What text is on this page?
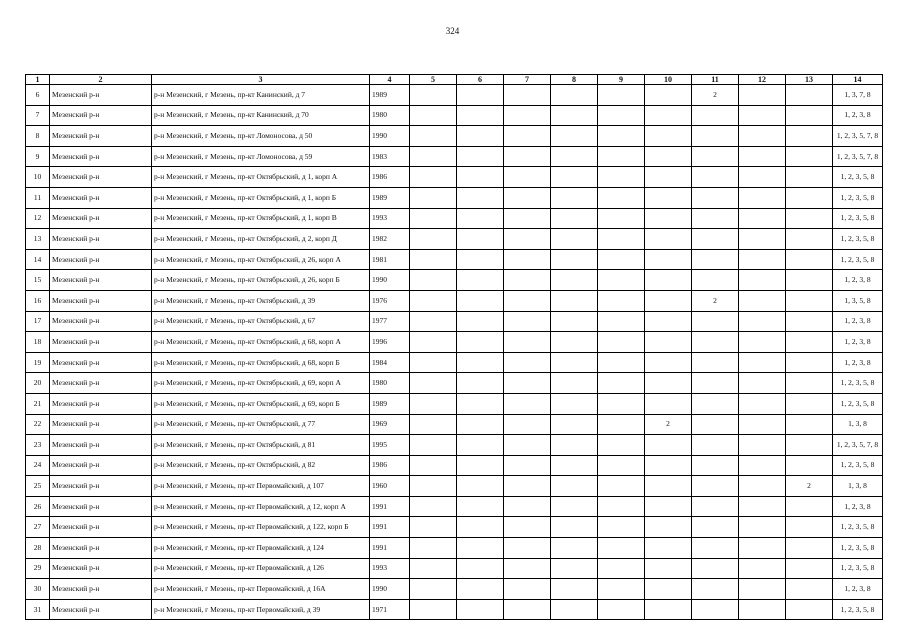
324
1	2	3	4	5	6	7	8	9	10	11	12	13	14
6	Мезенский р-н	р-н Мезенский, г Мезень, пр-кт Канинский, д 7	1989							2			1, 3, 7, 8
7	Мезенский р-н	р-н Мезенский, г Мезень, пр-кт Канинский, д 70	1980										1, 2, 3, 8
8	Мезенский р-н	р-н Мезенский, г Мезень, пр-кт Ломоносова, д 50	1990										1, 2, 3, 5, 7, 8
9	Мезенский р-н	р-н Мезенский, г Мезень, пр-кт Ломоносова, д 59	1983										1, 2, 3, 5, 7, 8
10	Мезенский р-н	р-н Мезенский, г Мезень, пр-кт Октябрьский, д 1, корп А	1986										1, 2, 3, 5, 8
11	Мезенский р-н	р-н Мезенский, г Мезень, пр-кт Октябрьский, д 1, корп Б	1989										1, 2, 3, 5, 8
12	Мезенский р-н	р-н Мезенский, г Мезень, пр-кт Октябрьский, д 1, корп В	1993										1, 2, 3, 5, 8
13	Мезенский р-н	р-н Мезенский, г Мезень, пр-кт Октябрьский, д 2, корп Д	1982										1, 2, 3, 5, 8
14	Мезенский р-н	р-н Мезенский, г Мезень, пр-кт Октябрьский, д 26, корп А	1981										1, 2, 3, 5, 8
15	Мезенский р-н	р-н Мезенский, г Мезень, пр-кт Октябрьский, д 26, корп Б	1990										1, 2, 3, 8
16	Мезенский р-н	р-н Мезенский, г Мезень, пр-кт Октябрьский, д 39	1976							2			1, 3, 5, 8
17	Мезенский р-н	р-н Мезенский, г Мезень, пр-кт Октябрьский, д 67	1977										1, 2, 3, 8
18	Мезенский р-н	р-н Мезенский, г Мезень, пр-кт Октябрьский, д 68, корп А	1996										1, 2, 3, 8
19	Мезенский р-н	р-н Мезенский, г Мезень, пр-кт Октябрьский, д 68, корп Б	1984										1, 2, 3, 8
20	Мезенский р-н	р-н Мезенский, г Мезень, пр-кт Октябрьский, д 69, корп А	1980										1, 2, 3, 5, 8
21	Мезенский р-н	р-н Мезенский, г Мезень, пр-кт Октябрьский, д 69, корп Б	1989										1, 2, 3, 5, 8
22	Мезенский р-н	р-н Мезенский, г Мезень, пр-кт Октябрьский, д 77	1969						2				1, 3, 8
23	Мезенский р-н	р-н Мезенский, г Мезень, пр-кт Октябрьский, д 81	1995										1, 2, 3, 5, 7, 8
24	Мезенский р-н	р-н Мезенский, г Мезень, пр-кт Октябрьский, д 82	1986										1, 2, 3, 5, 8
25	Мезенский р-н	р-н Мезенский, г Мезень, пр-кт Первомайский, д 107	1960									2	1, 3, 8
26	Мезенский р-н	р-н Мезенский, г Мезень, пр-кт Первомайский, д 12, корп А	1991										1, 2, 3, 8
27	Мезенский р-н	р-н Мезенский, г Мезень, пр-кт Первомайский, д 122, корп Б	1991										1, 2, 3, 5, 8
28	Мезенский р-н	р-н Мезенский, г Мезень, пр-кт Первомайский, д 124	1991										1, 2, 3, 5, 8
29	Мезенский р-н	р-н Мезенский, г Мезень, пр-кт Первомайский, д 126	1993										1, 2, 3, 5, 8
30	Мезенский р-н	р-н Мезенский, г Мезень, пр-кт Первомайский, д 16А	1990										1, 2, 3, 8
31	Мезенский р-н	р-н Мезенский, г Мезень, пр-кт Первомайский, д 39	1971										1, 2, 3, 5, 8
